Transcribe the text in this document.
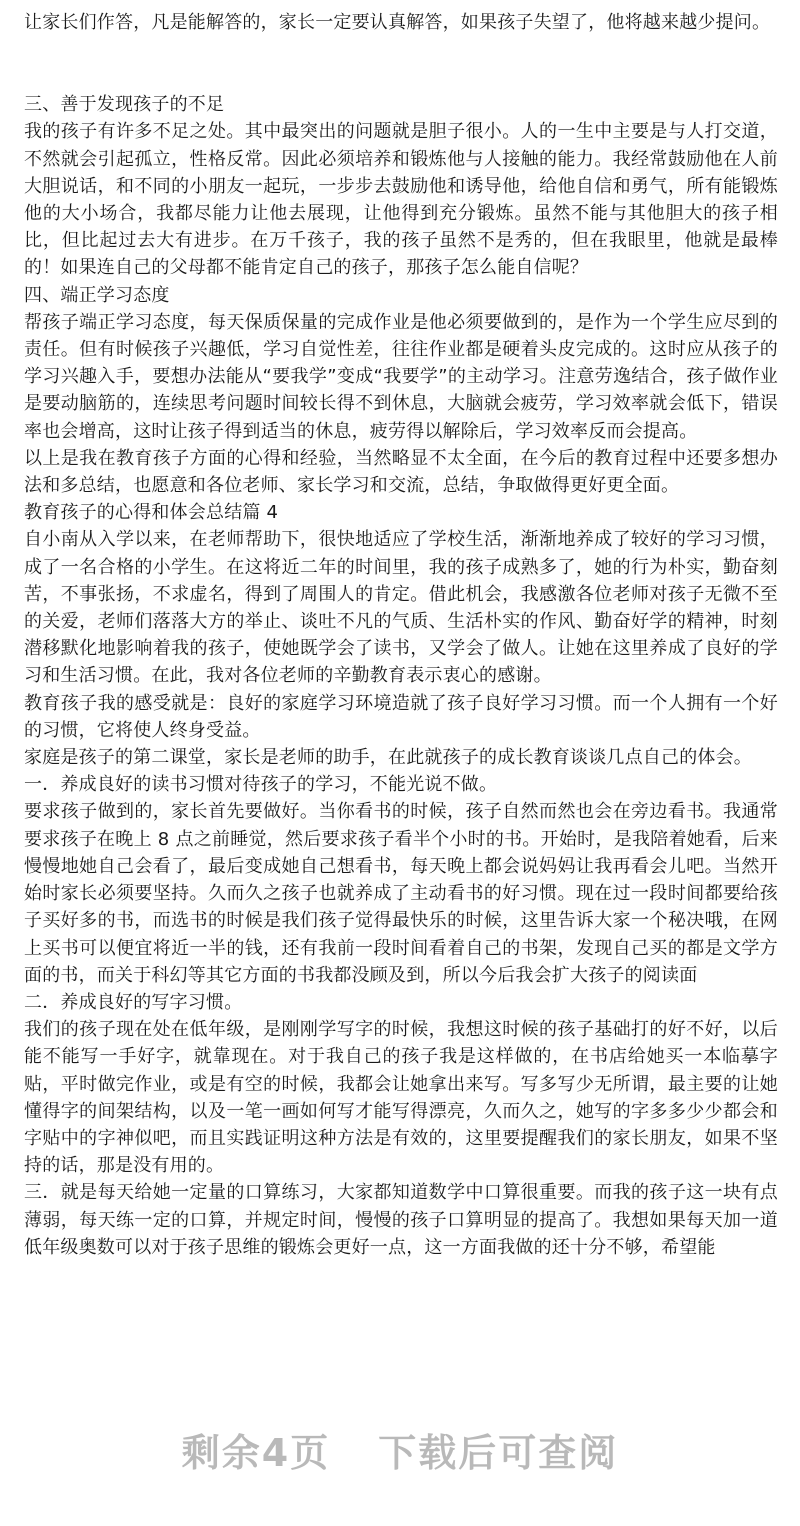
让家长们作答，凡是能解答的，家长一定要认真解答，如果孩子失望了，他将越来越少提问。

三、善于发现孩子的不足

我的孩子有许多不足之处。其中最突出的问题就是胆子很小。人的一生中主要是与人打交道，不然就会引起孤立，性格反常。因此必须培养和锻炼他与人接触的能力。我经常鼓励他在人前大胆说话，和不同的小朋友一起玩，一步步去鼓励他和诱导他，给他自信和勇气，所有能锻炼他的大小场合，我都尽能力让他去展现，让他得到充分锻炼。虽然不能与其他胆大的孩子相比，但比起过去大有进步。在万千孩子，我的孩子虽然不是秀的，但在我眼里，他就是最棒的！如果连自己的父母都不能肯定自己的孩子，那孩子怎么能自信呢？

四、端正学习态度

帮孩子端正学习态度，每天保质保量的完成作业是他必须要做到的，是作为一个学生应尽到的责任。但有时候孩子兴趣低，学习自觉性差，往往作业都是硬着头皮完成的。这时应从孩子的学习兴趣入手，要想办法能从“要我学”变成“我要学”的主动学习。注意劳逸结合，孩子做作业是要动脑筋的，连续思考问题时间较长得不到休息，大脑就会疲劳，学习效率就会低下，错误率也会增高，这时让孩子得到适当的休息，疲劳得以解除后，学习效率反而会提高。

以上是我在教育孩子方面的心得和经验，当然略显不太全面，在今后的教育过程中还要多想办法和多总结，也愿意和各位老师、家长学习和交流，总结，争取做得更好更全面。

教育孩子的心得和体会总结篇 4

自小南从入学以来，在老师帮助下，很快地适应了学校生活，渐渐地养成了较好的学习习惯，成了一名合格的小学生。在这将近二年的时间里，我的孩子成熟多了，她的行为朴实，勤奋刻苦，不事张扬，不求虚名，得到了周围人的肯定。借此机会，我感激各位老师对孩子无微不至的关爱，老师们落落大方的举止、谈吐不凡的气质、生活朴实的作风、勤奋好学的精神，时刻潜移默化地影响着我的孩子，使她既学会了读书，又学会了做人。让她在这里养成了良好的学习和生活习惯。在此，我对各位老师的辛勤教育表示衷心的感谢。

教育孩子我的感受就是：良好的家庭学习环境造就了孩子良好学习习惯。而一个人拥有一个好的习惯，它将使人终身受益。

家庭是孩子的第二课堂，家长是老师的助手，在此就孩子的成长教育谈谈几点自己的体会。

一．养成良好的读书习惯对待孩子的学习，不能光说不做。

要求孩子做到的，家长首先要做好。当你看书的时候，孩子自然而然也会在旁边看书。我通常要求孩子在晚上 8 点之前睡觉，然后要求孩子看半个小时的书。开始时，是我陪着她看，后来慢慢地她自己会看了，最后变成她自己想看书，每天晚上都会说妈妈让我再看会儿吧。当然开始时家长必须要坚持。久而久之孩子也就养成了主动看书的好习惯。现在过一段时间都要给孩子买好多的书，而选书的时候是我们孩子觉得最快乐的时候，这里告诉大家一个秘决哦，在网上买书可以便宜将近一半的钱，还有我前一段时间看着自己的书架，发现自己买的都是文学方面的书，而关于科幻等其它方面的书我都没顾及到，所以今后我会扩大孩子的阅读面

二．养成良好的写字习惯。

我们的孩子现在处在低年级，是刚刚学写字的时候，我想这时候的孩子基础打的好不好，以后能不能写一手好字，就靠现在。对于我自己的孩子我是这样做的，在书店给她买一本临摹字贴，平时做完作业，或是有空的时候，我都会让她拿出来写。写多写少无所谓，最主要的让她懂得字的间架结构，以及一笔一画如何写才能写得漂亮，久而久之，她写的字多多少少都会和字贴中的字神似吧，而且实践证明这种方法是有效的，这里要提醒我们的家长朋友，如果不坚持的话，那是没有用的。

三．就是每天给她一定量的口算练习，大家都知道数学中口算很重要。而我的孩子这一块有点薄弱，每天练一定的口算，并规定时间，慢慢的孩子口算明显的提高了。我想如果每天加一道低年级奥数可以对于孩子思维的锻炼会更好一点，这一方面我做的还十分不够，希望能

剩余4页 下载后可查阅
